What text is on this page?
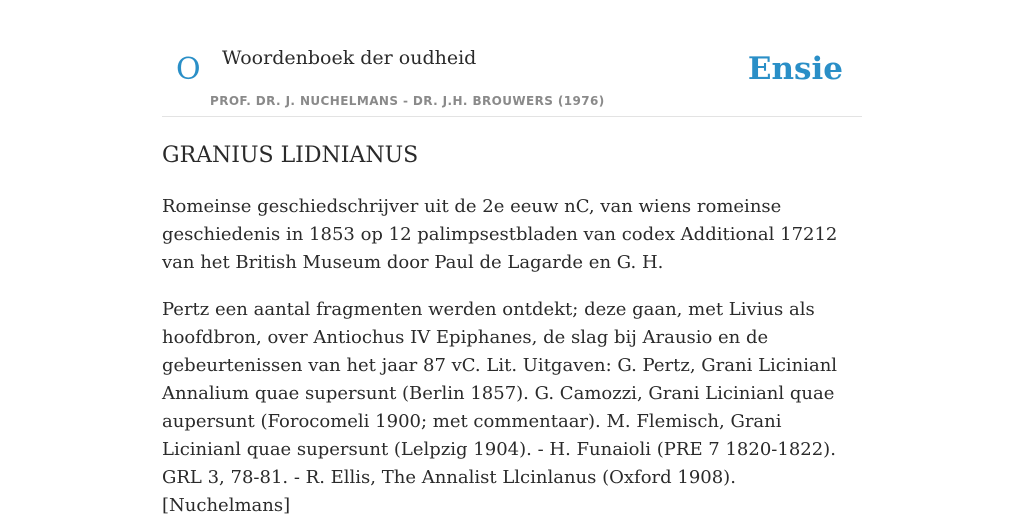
O Woordenboek der oudheid
PROF. DR. J. NUCHELMANS - DR. J.H. BROUWERS (1976)
Ensie
GRANIUS LIDNIANUS

Romeinse geschiedschrijver uit de 2e eeuw nC, van wiens romeinse geschiedenis in 1853 op 12 palimpsestbladen van codex Additional 17212 van het British Museum door Paul de Lagarde en G. H.

Pertz een aantal fragmenten werden ontdekt; deze gaan, met Livius als hoofdbron, over Antiochus IV Epiphanes, de slag bij Arausio en de gebeurtenissen van het jaar 87 vC. Lit. Uitgaven: G. Pertz, Grani Licinianl Annalium quae supersunt (Berlin 1857). G. Camozzi, Grani Licinianl quae aupersunt (Forocomeli 1900; met commentaar). M. Flemisch, Grani Licinianl quae supersunt (Lelpzig 1904). - H. Funaioli (PRE 7 1820-1822). GRL 3, 78-81. - R. Ellis, The Annalist Llcinlanus (Oxford 1908). [Nuchelmans]
